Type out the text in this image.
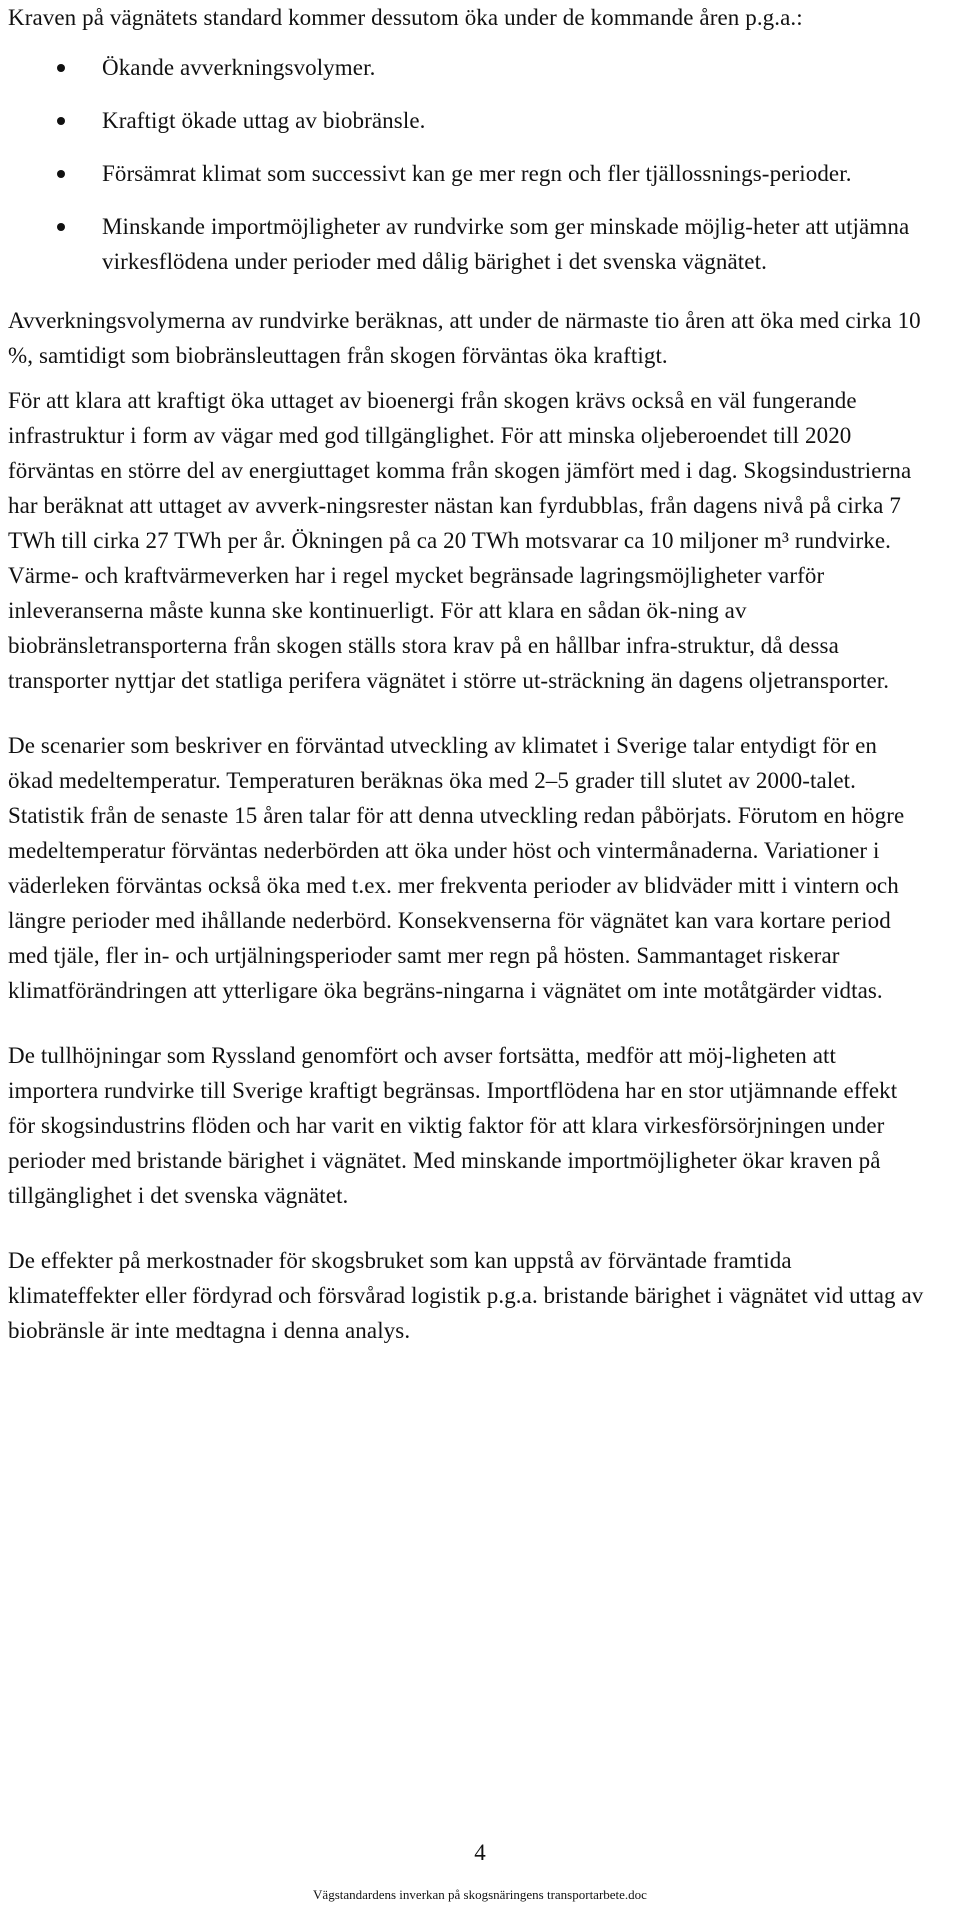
Kraven på vägnätets standard kommer dessutom öka under de kommande åren p.g.a.:

Ökande avverkningsvolymer.
Kraftigt ökade uttag av biobränsle.
Försämrat klimat som successivt kan ge mer regn och fler tjällossnings-perioder.
Minskande importmöjligheter av rundvirke som ger minskade möjlig-heter att utjämna virkesflödena under perioder med dålig bärighet i det svenska vägnätet.

Avverkningsvolymerna av rundvirke beräknas, att under de närmaste tio åren att öka med cirka 10 %, samtidigt som biobränsleuttagen från skogen förväntas öka kraftigt.

För att klara att kraftigt öka uttaget av bioenergi från skogen krävs också en väl fungerande infrastruktur i form av vägar med god tillgänglighet. För att minska oljeberoendet till 2020 förväntas en större del av energiuttaget komma från skogen jämfört med i dag. Skogsindustrierna har beräknat att uttaget av avverk-ningsrester nästan kan fyrdubblas, från dagens nivå på cirka 7 TWh till cirka 27 TWh per år. Ökningen på ca 20 TWh motsvarar ca 10 miljoner m³ rundvirke. Värme- och kraftvärmeverken har i regel mycket begränsade lagringsmöjligheter varför inleveranserna måste kunna ske kontinuerligt. För att klara en sådan ök-ning av biobränsletransporterna från skogen ställs stora krav på en hållbar infra-struktur, då dessa transporter nyttjar det statliga perifera vägnätet i större ut-sträckning än dagens oljetransporter.

De scenarier som beskriver en förväntad utveckling av klimatet i Sverige talar entydigt för en ökad medeltemperatur. Temperaturen beräknas öka med 2–5 grader till slutet av 2000-talet. Statistik från de senaste 15 åren talar för att denna utveckling redan påbörjats. Förutom en högre medeltemperatur förväntas nederbörden att öka under höst och vintermånaderna. Variationer i väderleken förväntas också öka med t.ex. mer frekventa perioder av blidväder mitt i vintern och längre perioder med ihållande nederbörd. Konsekvenserna för vägnätet kan vara kortare period med tjäle, fler in- och urtjälningsperioder samt mer regn på hösten. Sammantaget riskerar klimatförändringen att ytterligare öka begräns-ningarna i vägnätet om inte motåtgärder vidtas.

De tullhöjningar som Ryssland genomfört och avser fortsätta, medför att möj-ligheten att importera rundvirke till Sverige kraftigt begränsas. Importflödena har en stor utjämnande effekt för skogsindustrins flöden och har varit en viktig faktor för att klara virkesförsörjningen under perioder med bristande bärighet i vägnätet. Med minskande importmöjligheter ökar kraven på tillgänglighet i det svenska vägnätet.

De effekter på merkostnader för skogsbruket som kan uppstå av förväntade framtida klimateffekter eller fördyrad och försvårad logistik p.g.a. bristande bärighet i vägnätet vid uttag av biobränsle är inte medtagna i denna analys.

4
Vägstandardens inverkan på skogsnäringens transportarbete.doc
